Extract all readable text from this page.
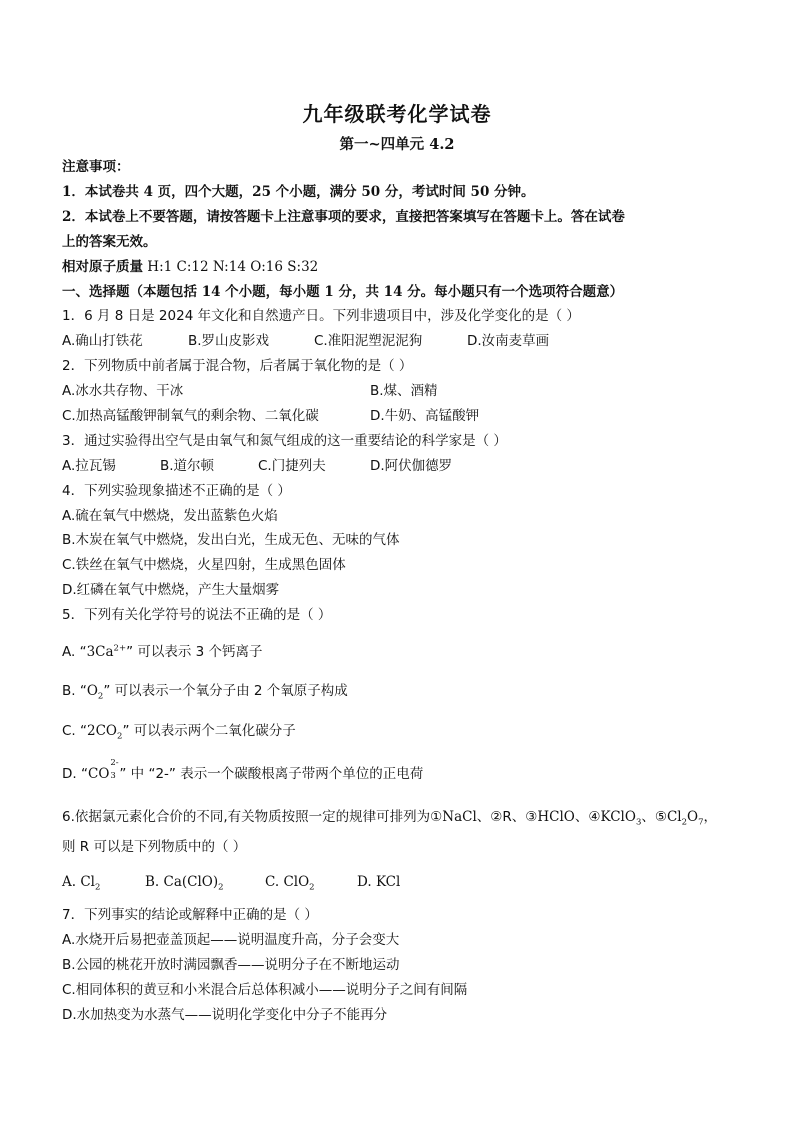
九年级联考化学试卷
第一~四单元 4.2
注意事项：
1．本试卷共 4 页，四个大题，25 个小题，满分 50 分，考试时间 50 分钟。
2．本试卷上不要答题，请按答题卡上注意事项的要求，直接把答案填写在答题卡上。答在试卷
上的答案无效。
相对原子质量 H:1 C:12 N:14 O:16 S:32
一、选择题（本题包括 14 个小题，每小题 1 分，共 14 分。每小题只有一个选项符合题意）
1．6 月 8 日是 2024 年文化和自然遗产日。下列非遗项目中，涉及化学变化的是（ ）
A.确山打铁花	B.罗山皮影戏	C.准阳泥塑泥泥狗	D.汝南麦草画
2．下列物质中前者属于混合物，后者属于氧化物的是（ ）
A.冰水共存物、干冰	B.煤、酒精
C.加热高锰酸钾制氧气的剩余物、二氧化碳	D.牛奶、高锰酸钾
3．通过实验得出空气是由氧气和氮气组成的这一重要结论的科学家是（ ）
A.拉瓦锡	B.道尔顿	C.门捷列夫	D.阿伏伽德罗
4．下列实验现象描述不正确的是（ ）
A.硫在氧气中燃烧，发出蓝紫色火焰
B.木炭在氧气中燃烧，发出白光，生成无色、无味的气体
C.铁丝在氧气中燃烧，火星四射，生成黑色固体
D.红磷在氧气中燃烧，产生大量烟雾
5．下列有关化学符号的说法不正确的是（ ）
A. “$3Ca^{2+}$” 可以表示 3 个钙离子
B. “$O_2$” 可以表示一个氧分子由 2 个氧原子构成
C. “$2CO_2$” 可以表示两个二氧化碳分子
D. “CO
2-
3 ” 中 “2-” 表示一个碳酸根离子带两个单位的正电荷
6.依据氯元素化合价的不同,有关物质按照一定的规律可排列为①NaCl、②R、③HClO、④KClO$_3$、$⑤Cl_2O_7$，
则 R 可以是下列物质中的（ ）
A. $Cl_2$	B. $Ca(ClO)_2$	C. ClO$_2$	D. KCl
7．下列事实的结论或解释中正确的是（ ）
A.水烧开后易把壶盖顶起——说明温度升高，分子会变大
B.公园的桃花开放时满园飘香——说明分子在不断地运动
C.相同体积的黄豆和小米混合后总体积减小——说明分子之间有间隔
D.水加热变为水蒸气——说明化学变化中分子不能再分
